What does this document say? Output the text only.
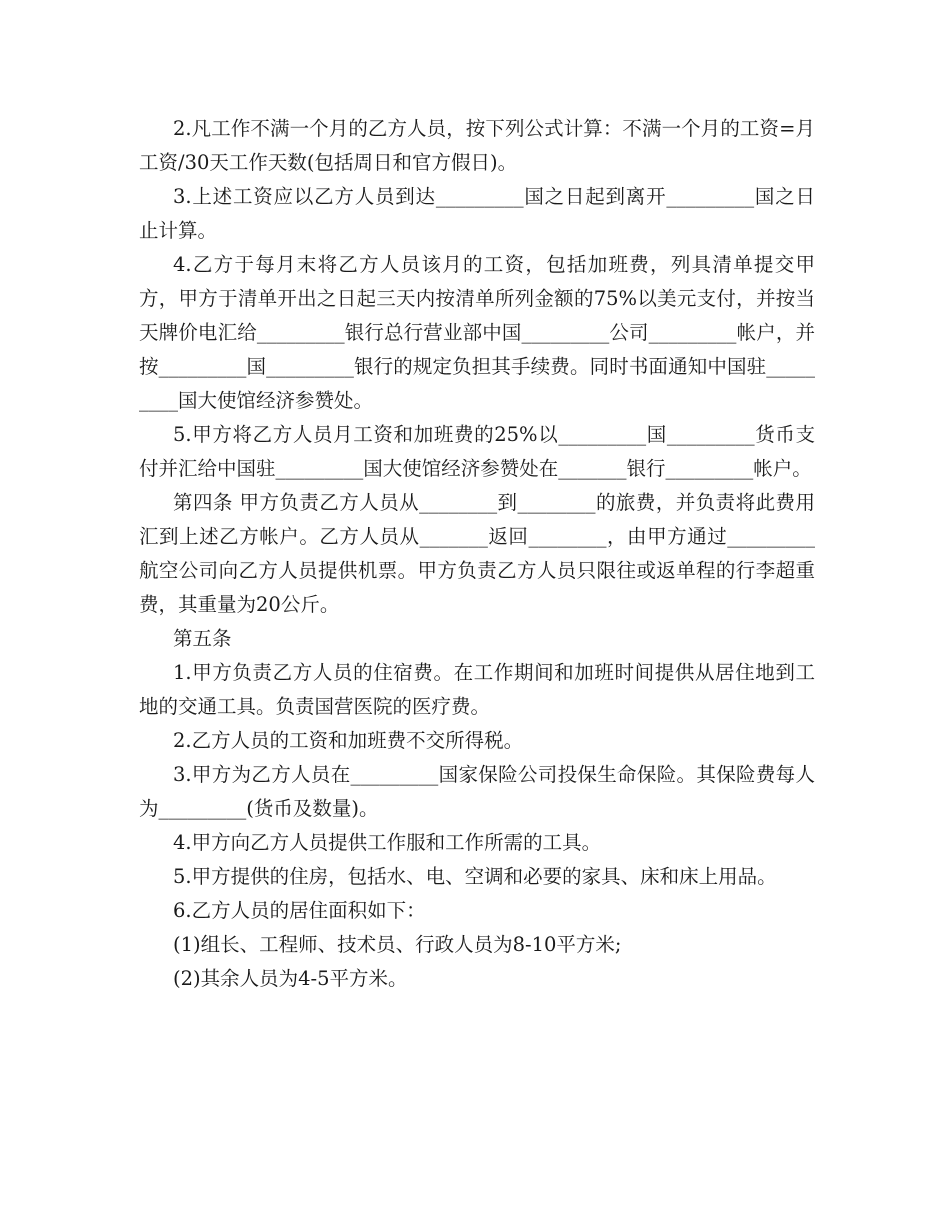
2.凡工作不满一个月的乙方人员，按下列公式计算：不满一个月的工资=月工资/30天工作天数(包括周日和官方假日)。

3.上述工资应以乙方人员到达_________国之日起到离开_________国之日止计算。

4.乙方于每月末将乙方人员该月的工资，包括加班费，列具清单提交甲方，甲方于清单开出之日起三天内按清单所列金额的75%以美元支付，并按当天牌价电汇给_________银行总行营业部中国_________公司_________帐户，并按_________国_________银行的规定负担其手续费。同时书面通知中国驻_________国大使馆经济参赞处。

5.甲方将乙方人员月工资和加班费的25%以_________国_________货币支付并汇给中国驻_________国大使馆经济参赞处在_______银行_________帐户。

第四条 甲方负责乙方人员从________到________的旅费，并负责将此费用汇到上述乙方帐户。乙方人员从_______返回________，由甲方通过_________航空公司向乙方人员提供机票。甲方负责乙方人员只限往或返单程的行李超重费，其重量为20公斤。

第五条

1.甲方负责乙方人员的住宿费。在工作期间和加班时间提供从居住地到工地的交通工具。负责国营医院的医疗费。

2.乙方人员的工资和加班费不交所得税。

3.甲方为乙方人员在_________国家保险公司投保生命保险。其保险费每人为_________(货币及数量)。

4.甲方向乙方人员提供工作服和工作所需的工具。

5.甲方提供的住房，包括水、电、空调和必要的家具、床和床上用品。

6.乙方人员的居住面积如下：

(1)组长、工程师、技术员、行政人员为8-10平方米;

(2)其余人员为4-5平方米。
